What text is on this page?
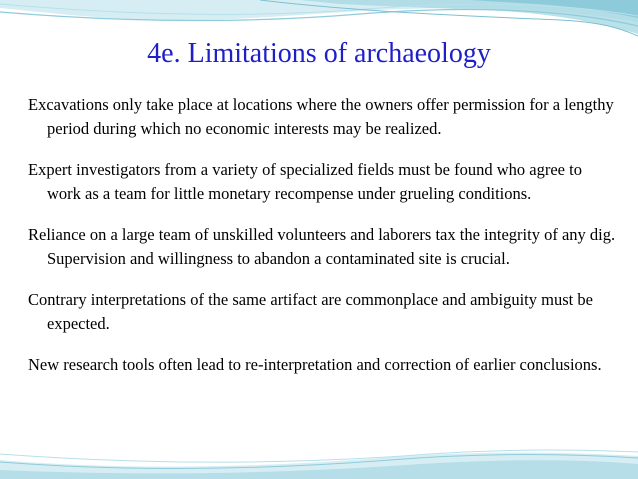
4e. Limitations of archaeology

Excavations only take place at locations where the owners offer permission for a lengthy period during which no economic interests may be realized.

Expert investigators from a variety of specialized fields must be found who agree to work as a team for little monetary recompense under grueling conditions.

Reliance on a large team of unskilled volunteers and laborers tax the integrity of any dig. Supervision and willingness to abandon a contaminated site is crucial.

Contrary interpretations of the same artifact are commonplace and ambiguity must be expected.

New research tools often lead to re-interpretation and correction of earlier conclusions.
